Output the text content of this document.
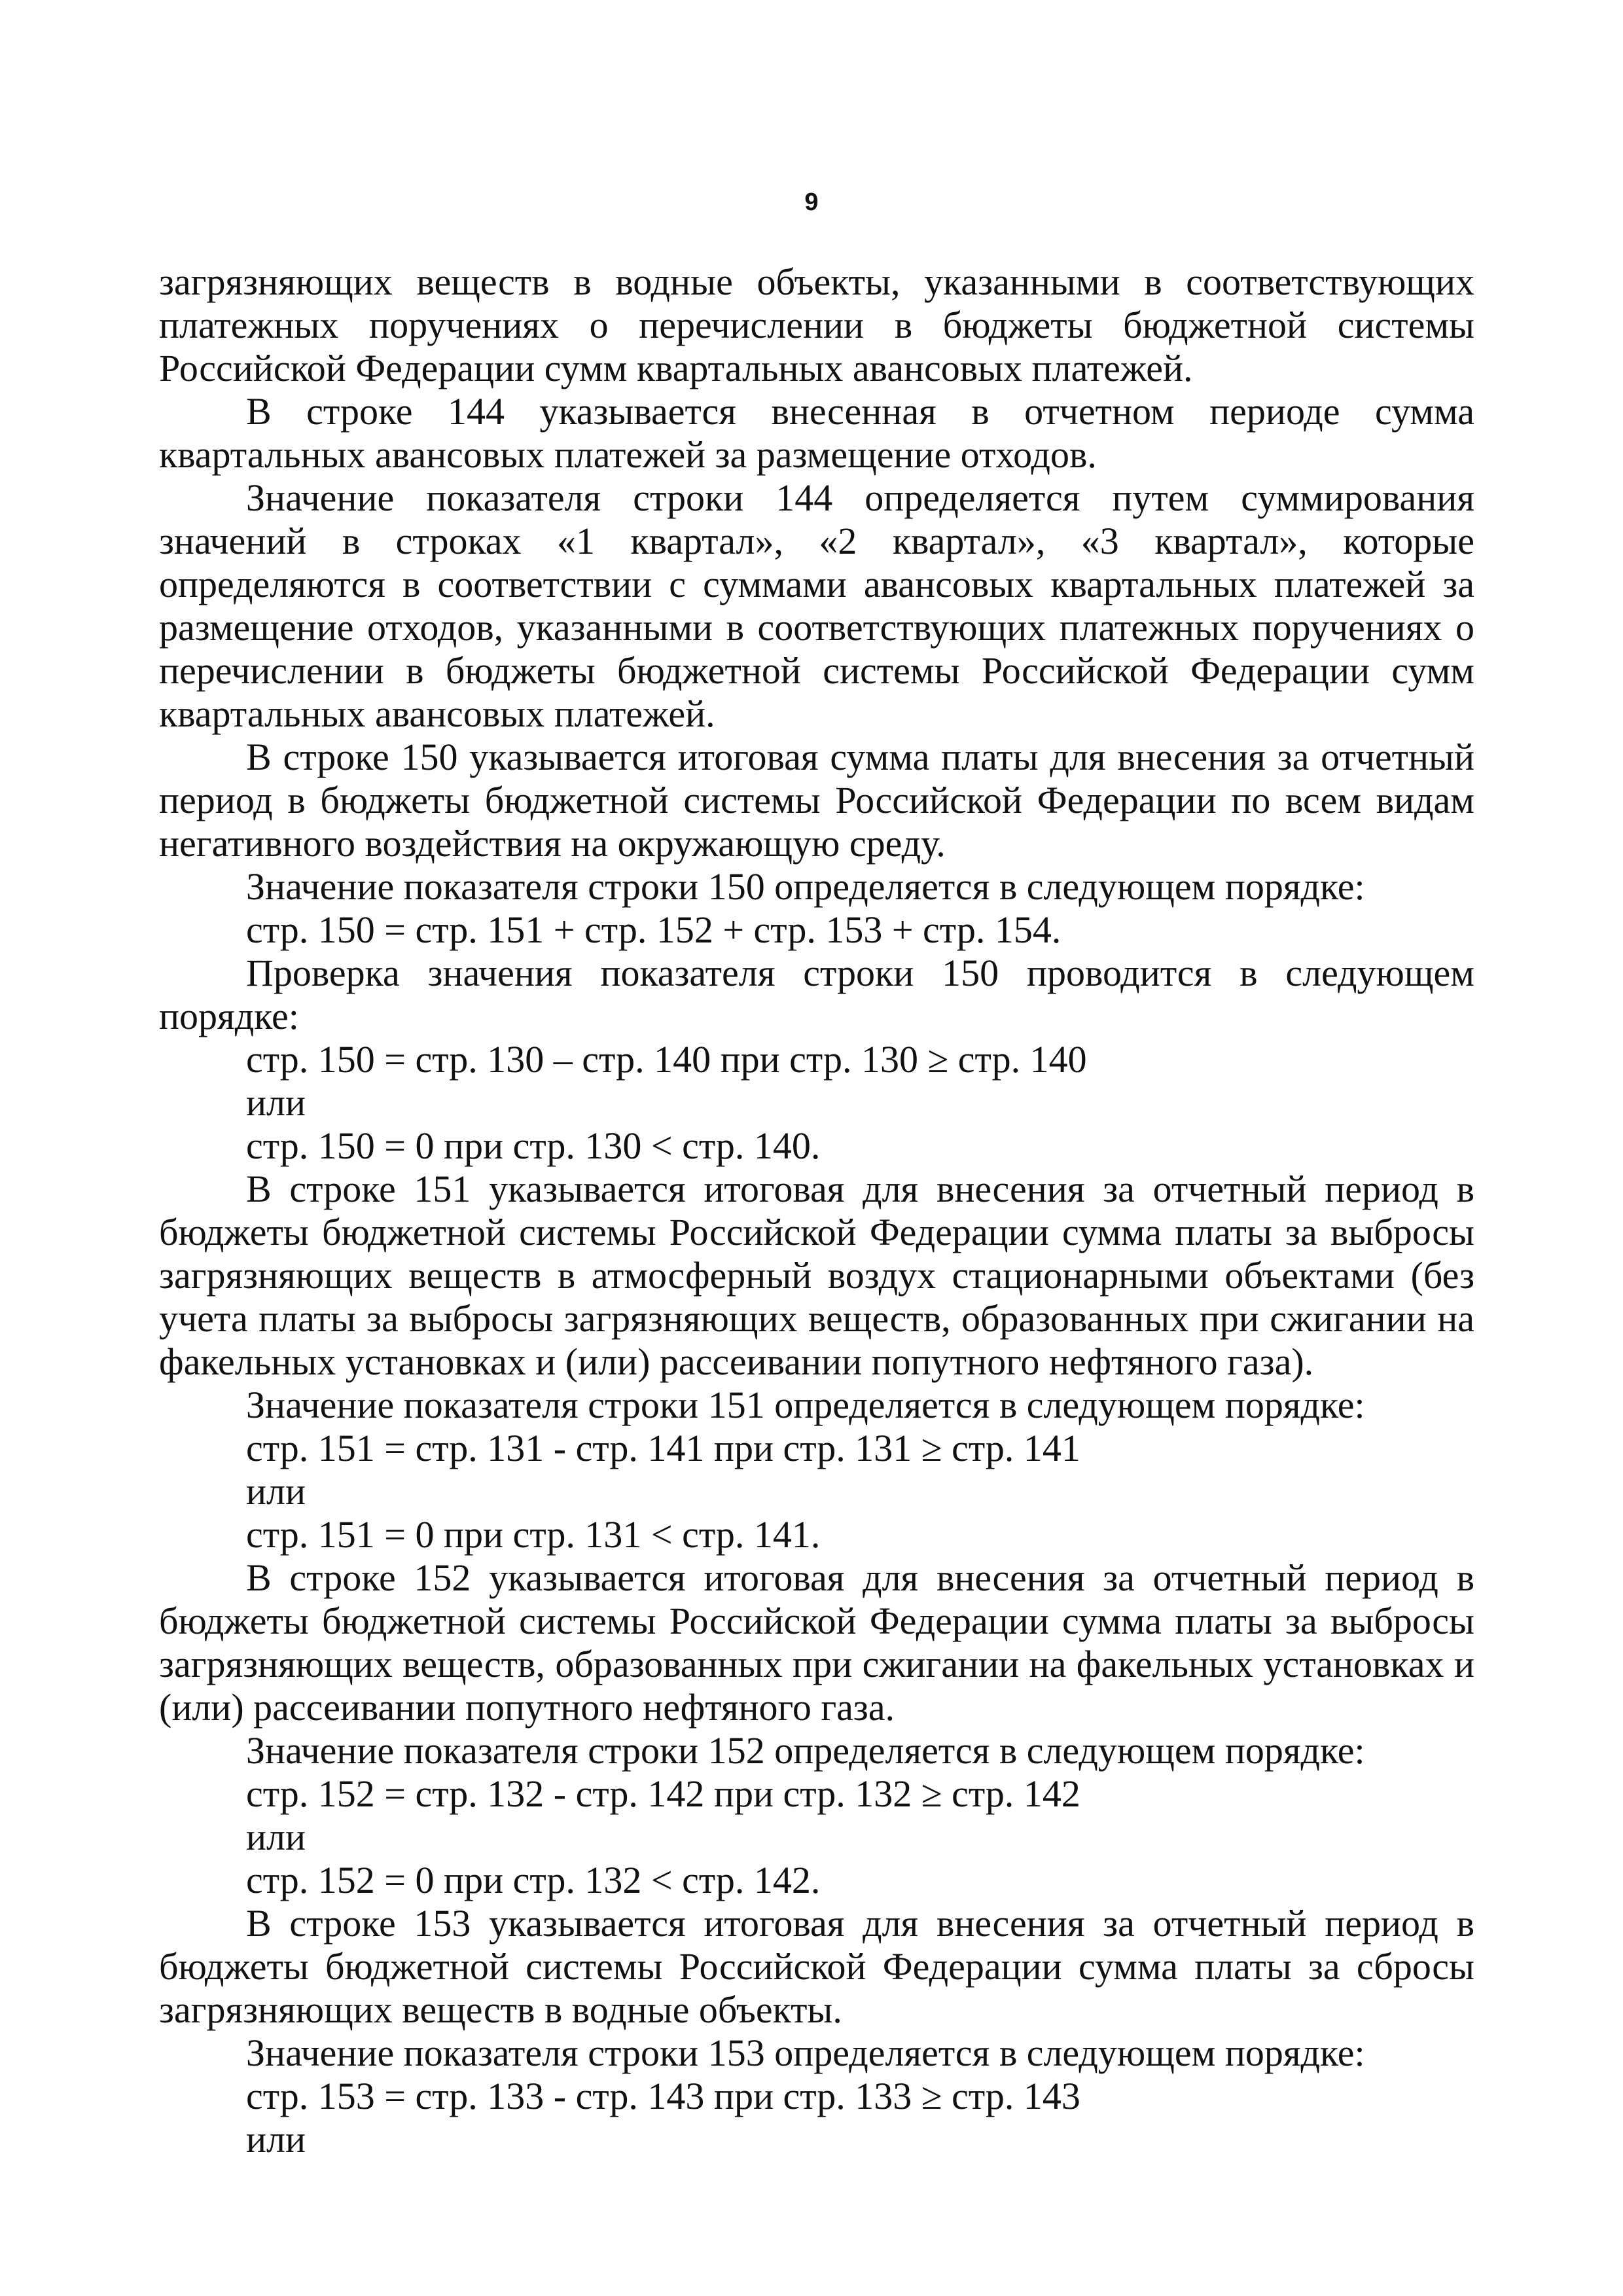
9

загрязняющих веществ в водные объекты, указанными в соответствующих платежных поручениях о перечислении в бюджеты бюджетной системы Российской Федерации сумм квартальных авансовых платежей.

В строке 144 указывается внесенная в отчетном периоде сумма квартальных авансовых платежей за размещение отходов.

Значение показателя строки 144 определяется путем суммирования значений в строках «1 квартал», «2 квартал», «3 квартал», которые определяются в соответствии с суммами авансовых квартальных платежей за размещение отходов, указанными в соответствующих платежных поручениях о перечислении в бюджеты бюджетной системы Российской Федерации сумм квартальных авансовых платежей.

В строке 150 указывается итоговая сумма платы для внесения за отчетный период в бюджеты бюджетной системы Российской Федерации по всем видам негативного воздействия на окружающую среду.

Значение показателя строки 150 определяется в следующем порядке:

стр. 150 = стр. 151 + стр. 152 + стр. 153 + стр. 154.

Проверка значения показателя строки 150 проводится в следующем порядке:

стр. 150 = стр. 130 – стр. 140 при стр. 130 ≥ стр. 140
или
стр. 150 = 0 при стр. 130 < стр. 140.

В строке 151 указывается итоговая для внесения за отчетный период в бюджеты бюджетной системы Российской Федерации сумма платы за выбросы загрязняющих веществ в атмосферный воздух стационарными объектами (без учета платы за выбросы загрязняющих веществ, образованных при сжигании на факельных установках и (или) рассеивании попутного нефтяного газа).

Значение показателя строки 151 определяется в следующем порядке:

стр. 151 = стр. 131 - стр. 141 при стр. 131 ≥ стр. 141
или
стр. 151 = 0 при стр. 131 < стр. 141.

В строке 152 указывается итоговая для внесения за отчетный период в бюджеты бюджетной системы Российской Федерации сумма платы за выбросы загрязняющих веществ, образованных при сжигании на факельных установках и (или) рассеивании попутного нефтяного газа.

Значение показателя строки 152 определяется в следующем порядке:

стр. 152 = стр. 132 - стр. 142 при стр. 132 ≥ стр. 142
или
стр. 152 = 0 при стр. 132 < стр. 142.

В строке 153 указывается итоговая для внесения за отчетный период в бюджеты бюджетной системы Российской Федерации сумма платы за сбросы загрязняющих веществ в водные объекты.

Значение показателя строки 153 определяется в следующем порядке:

стр. 153 = стр. 133 - стр. 143 при стр. 133 ≥ стр. 143
или
